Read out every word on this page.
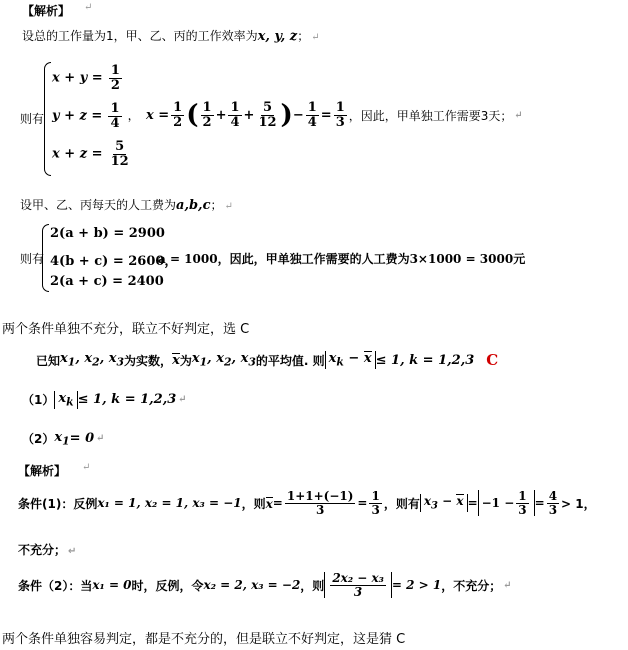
【解析】 ↵
设总的工作量为1，甲、乙、丙的工作效率为x, y, z； ↵
则有
$x + y = \frac{1}{2}$
$y + z = \frac{1}{4}$ ，
$x + z = \frac{5}{12}$
$x = \frac{1}{2}$ ( $\frac{1}{2} + \frac{1}{4} + \frac{5}{12}$ ) − $\frac{1}{4} = \frac{1}{3}$ ，因此，甲单独工作需要3天； ↵
设甲、乙、丙每天的人工费为a,b,c； ↵
则有
2(a + b) = 2900
4(b + c) = 2600，
2(a + c) = 2400
a = 1000，因此，甲单独工作需要的人工费为3×1000 = 3000元
两个条件单独不充分，联立不好判定，选 C
已知 $x_1$, $x_2$, $x_3$ 为实数， x 为 $x_1$, $x_2$, $x_3$ 的平均值. 则 $x_k - x \le 1$, k = 1,2,3 C
（1） $x_k \le 1$, k = 1,2,3 ↵
（2） $x_1 = 0$ ↵
【解析】 ↵
条件(1)：反例 x₁ = 1, x₂ = 1, x₃ = −1 ，则 $x = \frac{1+1+(-1)}{3} = \frac{1}{3}$ ，则有 $x_3 - x = -1 - \frac{1}{3} = \frac{4}{3} > 1$，
不充分； ↵
条件（2）：当 x₁ = 0 时，反例，令 x₂ = 2, x₃ = −2 ，则 $\frac{\text{2x₂ − x₃}}{3} = 2 > 1$ ，不充分； ↵
两个条件单独容易判定，都是不充分的，但是联立不好判定，这是猜 C
